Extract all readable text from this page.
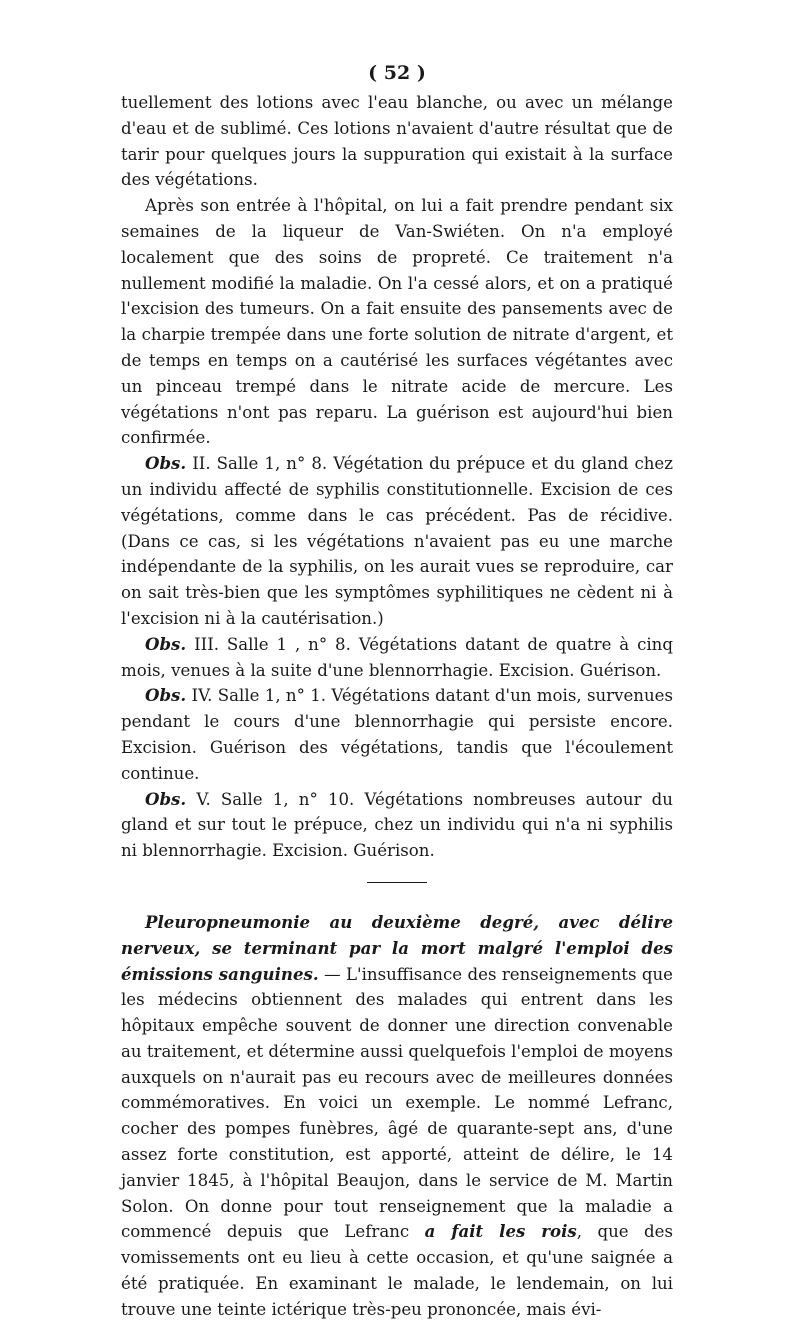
( 52 )

tuellement des lotions avec l'eau blanche, ou avec un mélange d'eau et de sublimé. Ces lotions n'avaient d'autre résultat que de tarir pour quelques jours la suppuration qui existait à la surface des végétations.

Après son entrée à l'hôpital, on lui a fait prendre pendant six semaines de la liqueur de Van-Swiéten. On n'a employé localement que des soins de propreté. Ce traitement n'a nullement modifié la maladie. On l'a cessé alors, et on a pratiqué l'excision des tumeurs. On a fait ensuite des pansements avec de la charpie trempée dans une forte solution de nitrate d'argent, et de temps en temps on a cautérisé les surfaces végétantes avec un pinceau trempé dans le nitrate acide de mercure. Les végétations n'ont pas reparu. La guérison est aujourd'hui bien confirmée.

Obs. II. Salle 1, n° 8. Végétation du prépuce et du gland chez un individu affecté de syphilis constitutionnelle. Excision de ces végétations, comme dans le cas précédent. Pas de récidive. (Dans ce cas, si les végétations n'avaient pas eu une marche indépendante de la syphilis, on les aurait vues se reproduire, car on sait très-bien que les symptômes syphilitiques ne cèdent ni à l'excision ni à la cautérisation.)

Obs. III. Salle 1 , n° 8. Végétations datant de quatre à cinq mois, venues à la suite d'une blennorrhagie. Excision. Guérison.

Obs. IV. Salle 1, n° 1. Végétations datant d'un mois, survenues pendant le cours d'une blennorrhagie qui persiste encore. Excision. Guérison des végétations, tandis que l'écoulement continue.

Obs. V. Salle 1, n° 10. Végétations nombreuses autour du gland et sur tout le prépuce, chez un individu qui n'a ni syphilis ni blennorrhagie. Excision. Guérison.

Pleuropneumonie au deuxième degré, avec délire nerveux, se terminant par la mort malgré l'emploi des émissions sanguines. — L'insuffisance des renseignements que les médecins obtiennent des malades qui entrent dans les hôpitaux empêche souvent de donner une direction convenable au traitement, et détermine aussi quelquefois l'emploi de moyens auxquels on n'aurait pas eu recours avec de meilleures données commémoratives. En voici un exemple. Le nommé Lefranc, cocher des pompes funèbres, âgé de quarante-sept ans, d'une assez forte constitution, est apporté, atteint de délire, le 14 janvier 1845, à l'hôpital Beaujon, dans le service de M. Martin Solon. On donne pour tout renseignement que la maladie a commencé depuis que Lefranc a fait les rois, que des vomissements ont eu lieu à cette occasion, et qu'une saignée a été pratiquée. En examinant le malade, le lendemain, on lui trouve une teinte ictérique très-peu prononcée, mais évi-
